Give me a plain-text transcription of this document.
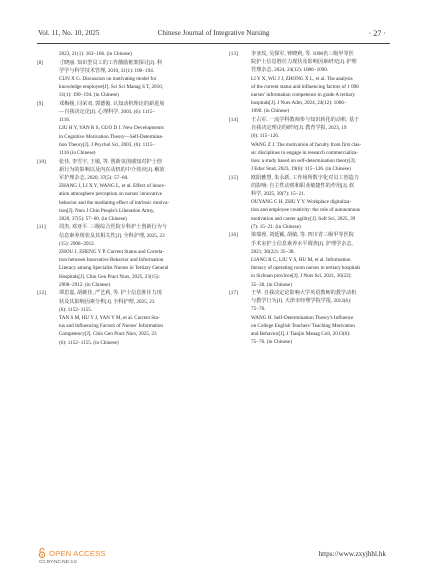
Vol. 11, No. 10, 2025	Chinese Journal of Integrative Nursing	· 27 ·
2023, 21(1): 163−166. (in Chinese)
[8]	寸晓丽. 知识型员工的工作激励框架探讨[J]. 科
学学与科学技术管理, 2010, 31(1): 190−194.
CUN X G. Discussion on motivating model for
knowledge employee[J]. Sci Sci Manag S T, 2010,
31(1): 190−194. (in Chinese)
[9]	邓梅杨, 闫荣双, 郭德俊. 认知动机理论的新进展
—自我决定论[J]. 心理科学, 2003, (6): 1115−
1116.
LIU H Y, YAN R S, GUO D J. New Developments
in Cognitive Motivation Theory—Self-Determina-
tion Theory[J]. J Psychol Sci, 2003, (6): 1115−
1116 (in Chinese)
[10]	张佳, 李雪宇, 王敏, 等. 创新氛围感知对护士创
新行为的影响以及内在动机的中介效应[J]. 解放
军护理杂志, 2020, 37(5): 57−60.
ZHANG J, LI X Y, WANG L, et al. Effect of innov-
ation atmosphere perception on nurses' innovative
behavior and the mediating effect of intrinsic motiva-
tion[J]. Nurs J Chin People's Liberation Army,
2020, 37(5): 57−60. (in Chinese)
[11]	周杰, 邓亚平. 三级综合医院专科护士创新行为与
信息素养现状及其相关性[J]. 全科护理, 2025, 23
(15): 2908−2912.
ZHOU J, ZHENG Y P. Current Status and Correla-
tion between Innovative Behavior and Information
Literacy among Specialist Nurses in Tertiary General
Hospitals[J]. Chin Gen Pract Nurs, 2025, 23(15):
2908−2912. (in Chinese)
[12]	谭思嘉, 胡姚佳, 严艺莉, 等. 护士信息胜任力现
状及其影响因素分析[J]. 全科护理, 2025, 23
(6): 1152−1155.
TAN S M, HU Y J, YAN Y M, et al. Current Sta-
tus and Influencing Factors of Nurses' Information
Competency[J]. Chin Gen Pract Nurs, 2025, 23
(6): 1152−1155. (in Chinese)
[13]	李亚玫, 吴探军, 钟晓莉, 等. 1098名三级甲等医
院护士信息胜任力现状及影响因素研究[J]. 护理
管理杂志, 2024, 24(12): 1086−1090.
LI Y X, WU J J, ZHONG X L, et al. The analysis
of the current status and influencing factors of 1 098
nurses' information competence in grade A tertiary
hospitals[J]. J Nurs Adm, 2024, 24(12): 1086−
1090. (in Chinese)
[14]	王占军. 一流学科教师参与知识转化的动机: 基于
自我决定理论的研究[J]. 教育学报, 2023, 19
(6): 115−126.
WANG Z J. The motivation of faculty from first clas-
sic disciplines to engage in research commercializa-
tion: a study based on self-determination theory[J].
J Educ Stud, 2023, 19(6): 115−126. (in Chinese)
[15]	欧阳雅慧, 朱永跃. 工作场所数字化对员工创造力
的影响: 自主性动机和职业敏捷性的作用[J]. 软
科学, 2025, 39(7): 15−21.
OUYANG C H, ZHU Y Y. Workplace digitaliza-
tion and employee creativity: the role of autonomous
motivation and career agility[J]. Soft Sci, 2025, 39
(7): 15−21. (in Chinese)
[16]	梁瑞蓉, 刘延颖, 胡敏, 等. 四川省三级甲等医院
手术室护士信息素养水平调查[J]. 护理学杂志,
2021, 36(22): 35−38.
LIANG R C, LIU Y S, HU M, et al. Information
literacy of operating room nurses in tertiary hospitals
in Sichuan province[J]. J Nurs Sci, 2021, 36(22):
35−38. (in Chinese)
[17]	王华. 自我决定论影响大学英语教师的教学动机
与教学行为[J]. 天津市经理学院学报, 2013(6):
75−76.
WANG H. Self-Determination Theory's Influence
on College English Teachers' Teaching Motivation
and Behavior[J]. J Tianjin Manag Coll, 2013(6):
75−76. (in Chinese)
OPEN ACCESS
CC BY-NC-ND 4.0
https://www.zxyjhhl.hk
